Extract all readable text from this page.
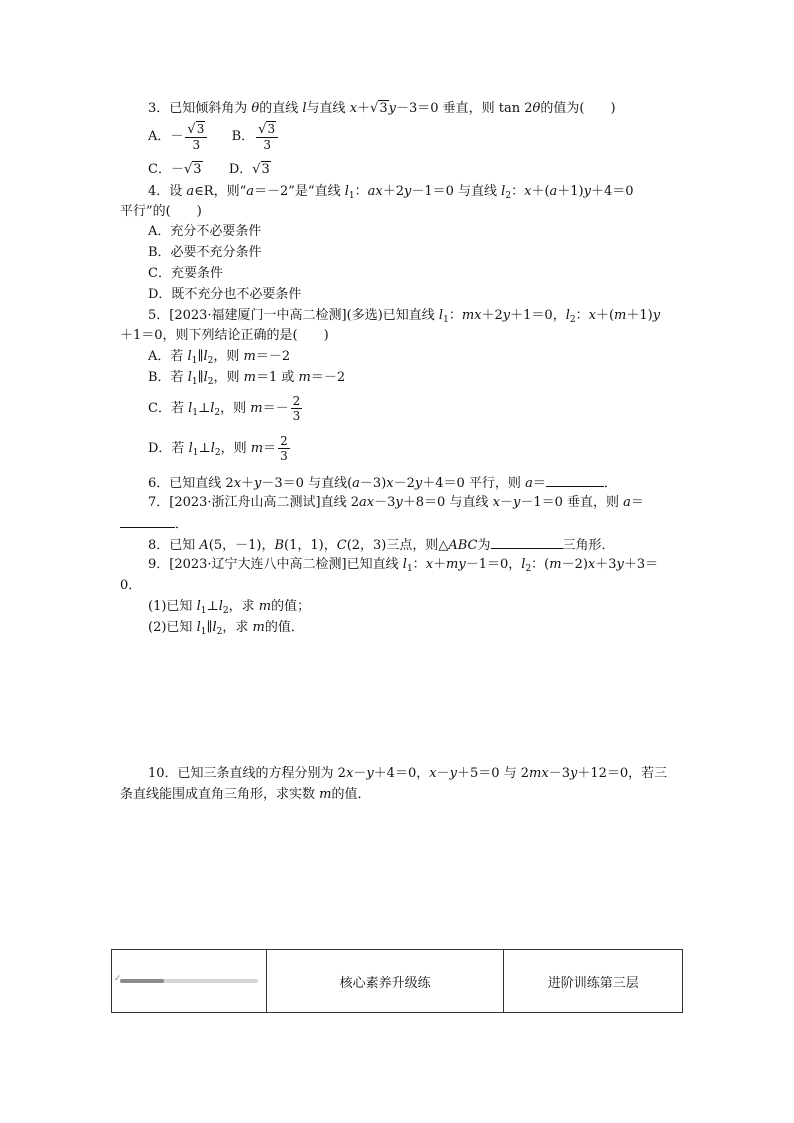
3．已知倾斜角为 θ的直线 l与直线 x＋√3y－3＝0 垂直，则 tan 2θ的值为(　　)
A．－ $\frac{√3}{3}$ B． $\frac{√3}{3}$
C．－√3 D．√3
4．设 a∈R，则“a＝－2”是“直线 $l_1$：ax＋2y－1＝0 与直线 $l_2$：x＋(a＋1)y＋4＝0
平行”的(　　)
A．充分不必要条件
B．必要不充分条件
C．充要条件
D．既不充分也不必要条件
5．[2023·福建厦门一中高二检测](多选)已知直线 $l_1$：mx＋2y＋1＝0，$l_2$：x＋(m＋1)y
＋1＝0，则下列结论正确的是(　　)
A．若 $l_1\parallel l_2$，则 m＝－2
B．若 $l_1\parallel l_2$，则 m＝1 或 m＝－2
C．若 $l_1\perp l_2$，则 $m=- \frac{2}{3}$
D．若 $l_1\perp l_2$，则 $m= \frac{2}{3}$
6．已知直线 2x＋y－3＝0 与直线(a－3)x－2y＋4＝0 平行，则 a＝	．
7．[2023·浙江舟山高二测试]直线 2ax－3y＋8＝0 与直线 x－y－1＝0 垂直，则 a＝
．
8．已知 A(5，－1)，B(1，1)，C(2，3)三点，则△ABC为	三角形．
9．[2023·辽宁大连八中高二检测]已知直线 $l_1$：x＋my－1＝0，$l_2$：(m－2)x＋3y＋3＝
0．
(1)已知 $l_1\perp l_2$，求 m的值；
(2)已知 $l_1\parallel l_2$，求 m的值．
10．已知三条直线的方程分别为 2x－y＋4＝0，x－y＋5＝0 与 2mx－3y＋12＝0，若三
条直线能围成直角三角形，求实数 m的值．
✓	核心素养升级练	进阶训练第三层
